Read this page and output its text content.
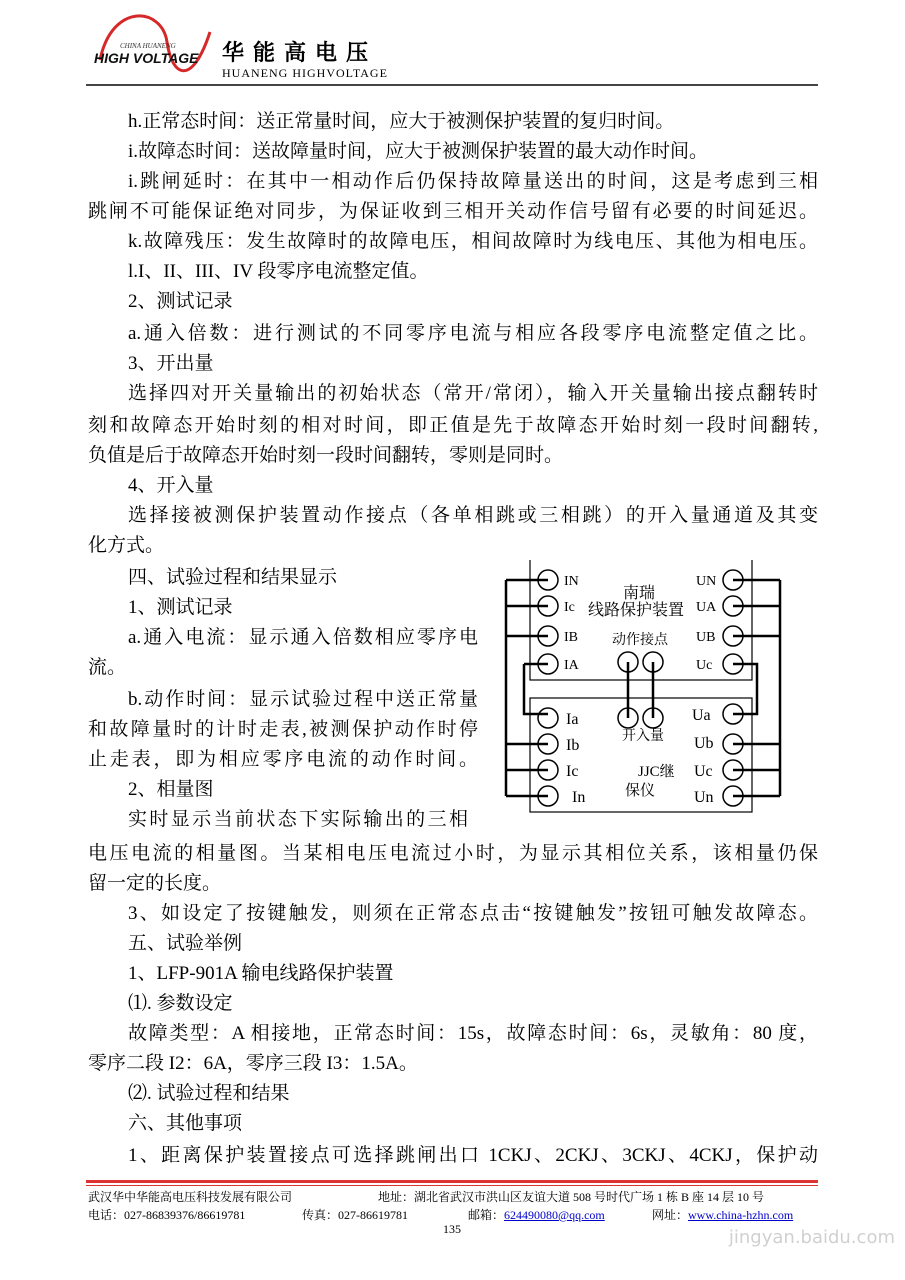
CHINA HUANENG
HIGH VOLTAGE 华能高电压
HUANENG HIGHVOLTAGE
h.正常态时间：送正常量时间，应大于被测保护装置的复归时间。
i.故障态时间：送故障量时间，应大于被测保护装置的最大动作时间。
i.跳闸延时：在其中一相动作后仍保持故障量送出的时间，这是考虑到三相
跳闸不可能保证绝对同步，为保证收到三相开关动作信号留有必要的时间延迟。
k.故障残压：发生故障时的故障电压，相间故障时为线电压、其他为相电压。
l.I、II、III、IV 段零序电流整定值。
2、测试记录
a.通入倍数：进行测试的不同零序电流与相应各段零序电流整定值之比。
3、开出量
选择四对开关量输出的初始状态（常开/常闭），输入开关量输出接点翻转时
刻和故障态开始时刻的相对时间，即正值是先于故障态开始时刻一段时间翻转,
负值是后于故障态开始时刻一段时间翻转，零则是同时。
4、开入量
选择接被测保护装置动作接点（各单相跳或三相跳）的开入量通道及其变
化方式。
四、试验过程和结果显示
1、测试记录
a.通入电流：显示通入倍数相应零序电
流。
b.动作时间：显示试验过程中送正常量
和故障量时的计时走表,被测保护动作时停
止走表，即为相应零序电流的动作时间。
2、相量图
实时显示当前状态下实际输出的三相
电压电流的相量图。当某相电压电流过小时，为显示其相位关系，该相量仍保
留一定的长度。
3、如设定了按键触发，则须在正常态点击“按键触发”按钮可触发故障态。
五、试验举例
1、LFP-901A 输电线路保护装置
⑴. 参数设定
故障类型：A 相接地，正常态时间：15s，故障态时间：6s，灵敏角：80 度，
零序二段 I2：6A，零序三段 I3：1.5A。
⑵. 试验过程和结果
六、其他事项
1、距离保护装置接点可选择跳闸出口 1CKJ、2CKJ、3CKJ、4CKJ，保护动
IN
Ic
IB
IA
UN
UA
UB
Uc
Ia
Ib
Ic
In
Ua
Ub
Uc
Un
南瑞
线路保护装置
动作接点
开入量
JJC继
保仪
武汉华中华能高电压科技发展有限公司	地址：湖北省武汉市洪山区友谊大道 508 号时代广场 1 栋 B 座 14 层 10 号
电话：027-86839376/86619781	传真：027-86619781	邮箱：624490080@qq.com	网址：www.china-hzhn.com
135	jingyan.baidu.com
